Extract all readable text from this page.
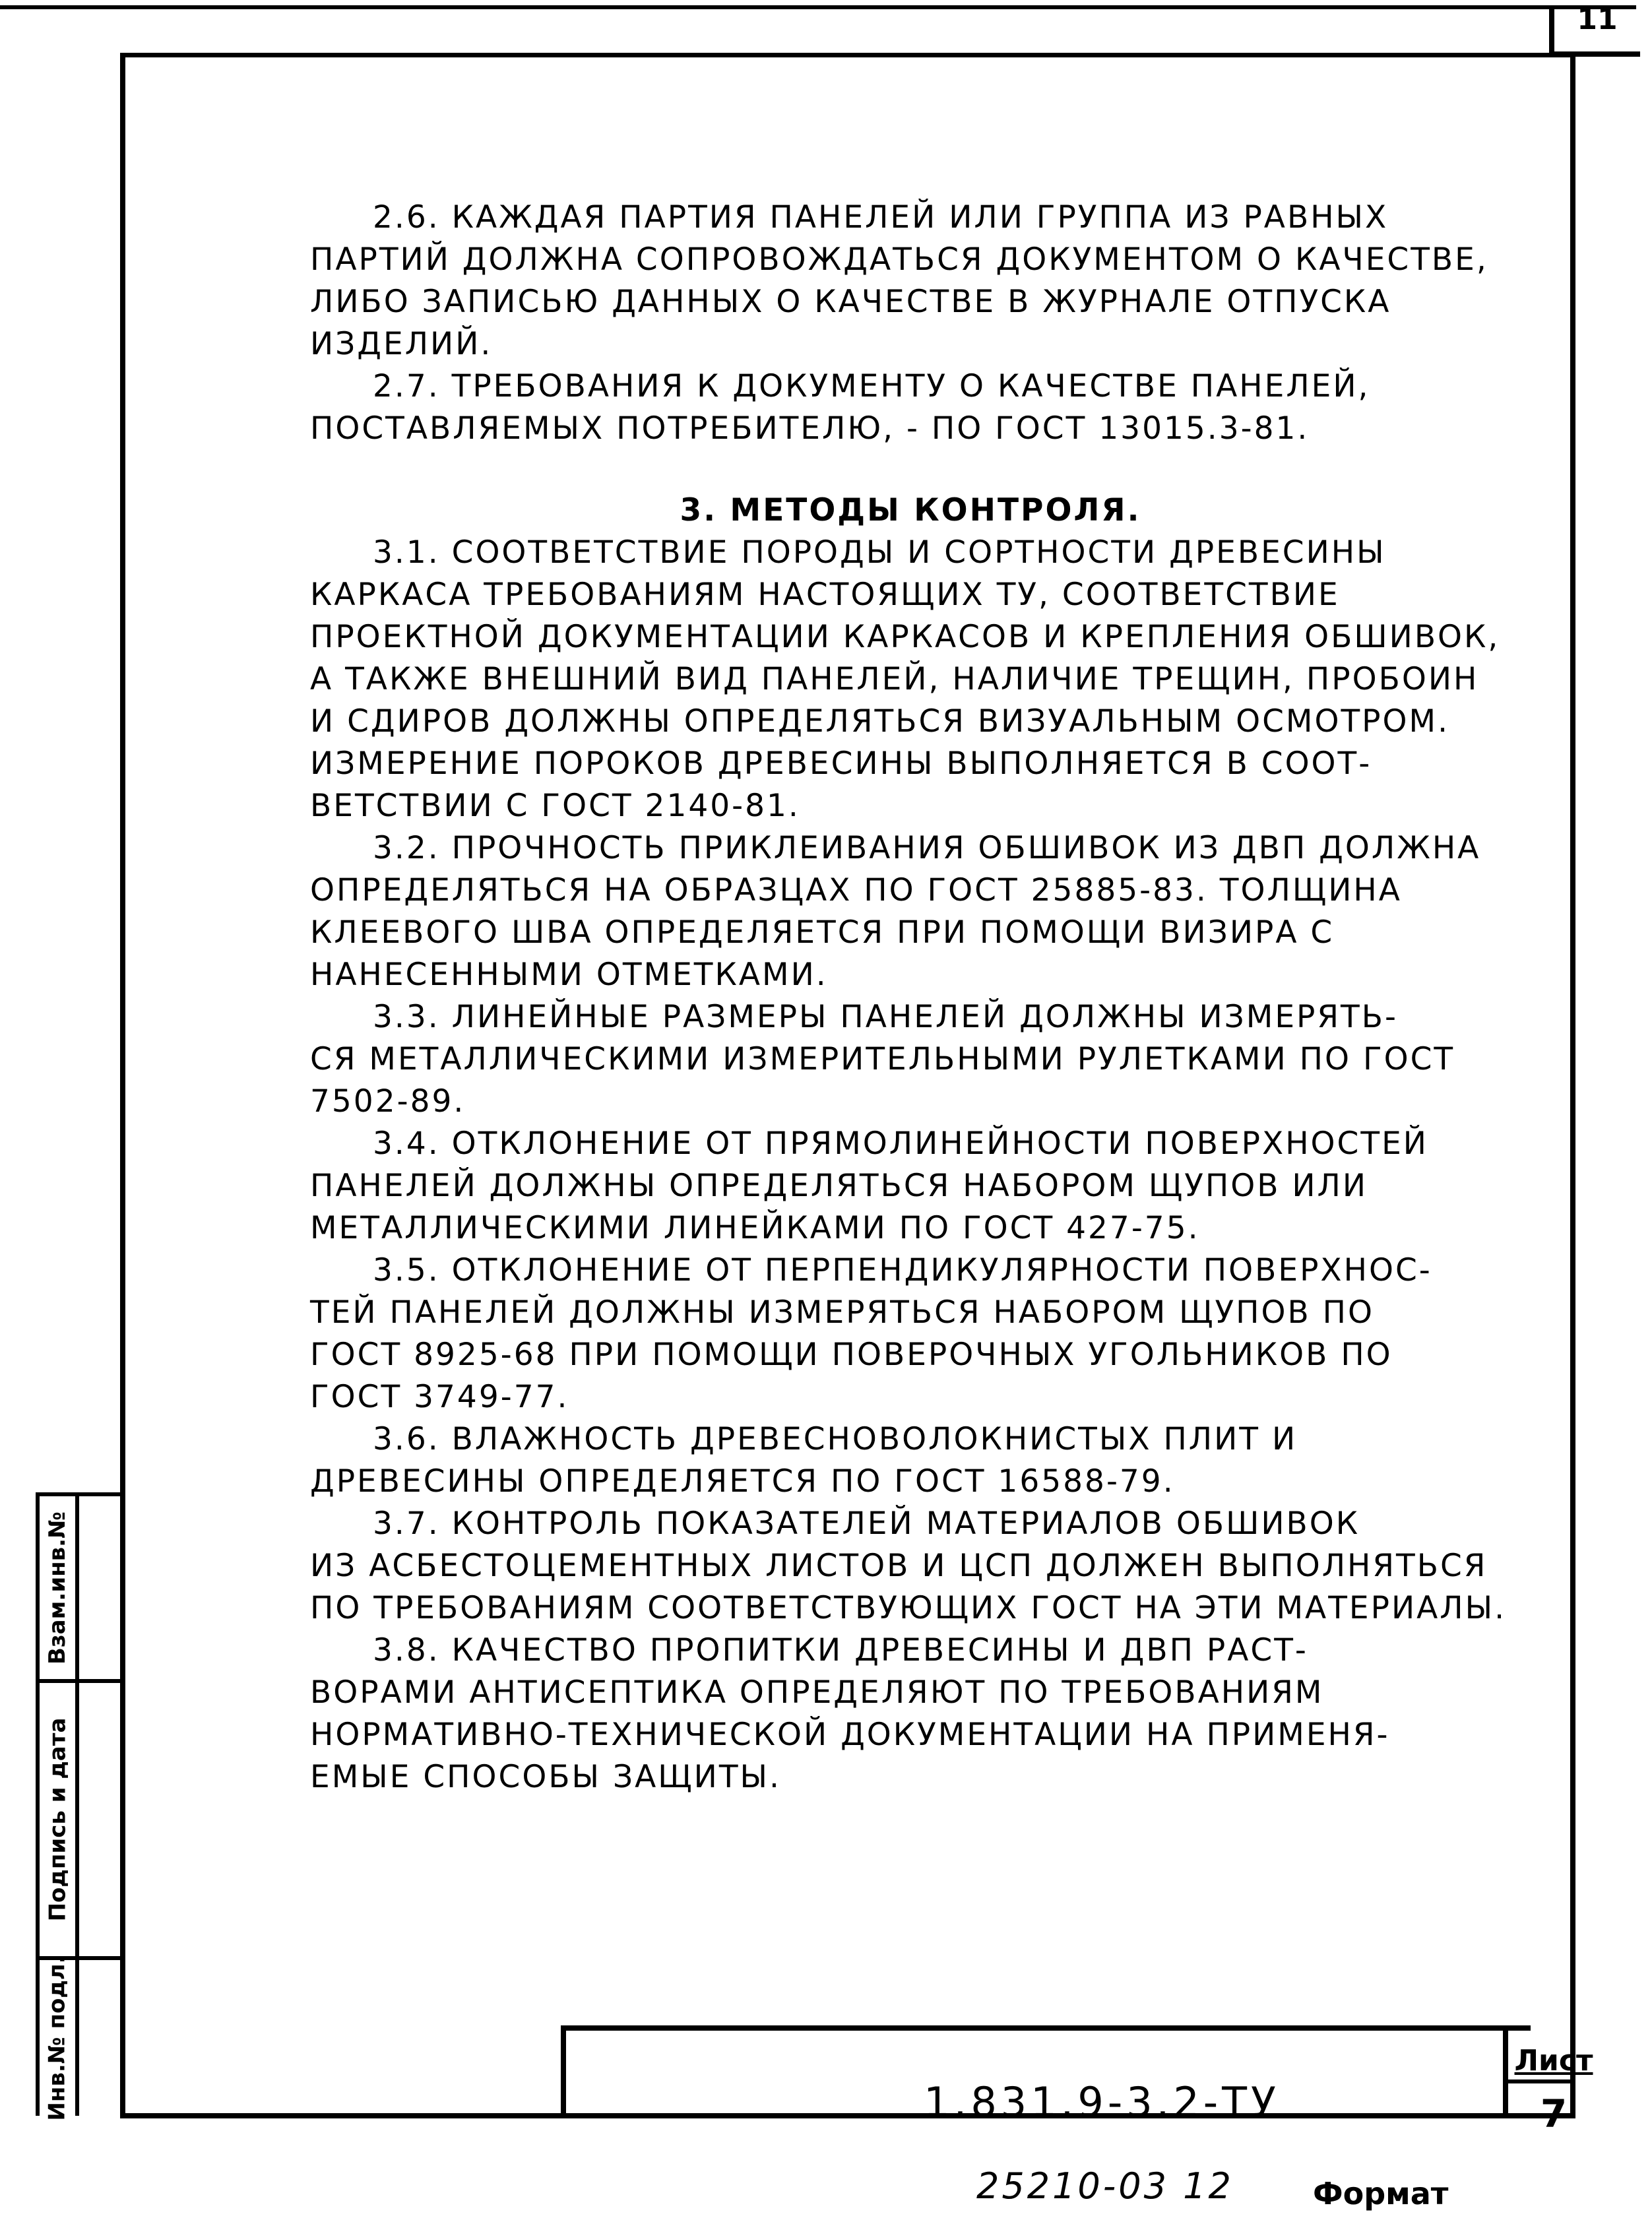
11
2.6. КАЖДАЯ ПАРТИЯ ПАНЕЛЕЙ ИЛИ ГРУППА ИЗ РАВНЫХ
ПАРТИЙ ДОЛЖНА СОПРОВОЖДАТЬСЯ ДОКУМЕНТОМ О КАЧЕСТВЕ,
ЛИБО ЗАПИСЬЮ ДАННЫХ О КАЧЕСТВЕ В ЖУРНАЛЕ ОТПУСКА
ИЗДЕЛИЙ.
2.7. ТРЕБОВАНИЯ К ДОКУМЕНТУ О КАЧЕСТВЕ ПАНЕЛЕЙ,
ПОСТАВЛЯЕМЫХ ПОТРЕБИТЕЛЮ, - ПО ГОСТ 13015.3-81.
3. МЕТОДЫ КОНТРОЛЯ.
3.1. СООТВЕТСТВИЕ ПОРОДЫ И СОРТНОСТИ ДРЕВЕСИНЫ
КАРКАСА ТРЕБОВАНИЯМ НАСТОЯЩИХ ТУ, СООТВЕТСТВИЕ
ПРОЕКТНОЙ ДОКУМЕНТАЦИИ КАРКАСОВ И КРЕПЛЕНИЯ ОБШИВОК,
А ТАКЖЕ ВНЕШНИЙ ВИД ПАНЕЛЕЙ, НАЛИЧИЕ ТРЕЩИН, ПРОБОИН
И СДИРОВ ДОЛЖНЫ ОПРЕДЕЛЯТЬСЯ ВИЗУАЛЬНЫМ ОСМОТРОМ.
ИЗМЕРЕНИЕ ПОРОКОВ ДРЕВЕСИНЫ ВЫПОЛНЯЕТСЯ В СООТ-
ВЕТСТВИИ С ГОСТ 2140-81.
3.2. ПРОЧНОСТЬ ПРИКЛЕИВАНИЯ ОБШИВОК ИЗ ДВП ДОЛЖНА
ОПРЕДЕЛЯТЬСЯ НА ОБРАЗЦАХ ПО ГОСТ 25885-83. ТОЛЩИНА
КЛЕЕВОГО ШВА ОПРЕДЕЛЯЕТСЯ ПРИ ПОМОЩИ ВИЗИРА С
НАНЕСЕННЫМИ ОТМЕТКАМИ.
3.3. ЛИНЕЙНЫЕ РАЗМЕРЫ ПАНЕЛЕЙ ДОЛЖНЫ ИЗМЕРЯТЬ-
СЯ МЕТАЛЛИЧЕСКИМИ ИЗМЕРИТЕЛЬНЫМИ РУЛЕТКАМИ ПО ГОСТ
7502-89.
3.4. ОТКЛОНЕНИЕ ОТ ПРЯМОЛИНЕЙНОСТИ ПОВЕРХНОСТЕЙ
ПАНЕЛЕЙ ДОЛЖНЫ ОПРЕДЕЛЯТЬСЯ НАБОРОМ ЩУПОВ ИЛИ
МЕТАЛЛИЧЕСКИМИ ЛИНЕЙКАМИ ПО ГОСТ 427-75.
3.5. ОТКЛОНЕНИЕ ОТ ПЕРПЕНДИКУЛЯРНОСТИ ПОВЕРХНОС-
ТЕЙ ПАНЕЛЕЙ ДОЛЖНЫ ИЗМЕРЯТЬСЯ НАБОРОМ ЩУПОВ ПО
ГОСТ 8925-68 ПРИ ПОМОЩИ ПОВЕРОЧНЫХ УГОЛЬНИКОВ ПО
ГОСТ 3749-77.
3.6. ВЛАЖНОСТЬ ДРЕВЕСНОВОЛОКНИСТЫХ ПЛИТ И
ДРЕВЕСИНЫ ОПРЕДЕЛЯЕТСЯ ПО ГОСТ 16588-79.
3.7. КОНТРОЛЬ ПОКАЗАТЕЛЕЙ МАТЕРИАЛОВ ОБШИВОК
ИЗ АСБЕСТОЦЕМЕНТНЫХ ЛИСТОВ И ЦСП ДОЛЖЕН ВЫПОЛНЯТЬСЯ
ПО ТРЕБОВАНИЯМ СООТВЕТСТВУЮЩИХ ГОСТ НА ЭТИ МАТЕРИАЛЫ.
3.8. КАЧЕСТВО ПРОПИТКИ ДРЕВЕСИНЫ И ДВП РАСТ-
ВОРАМИ АНТИСЕПТИКА ОПРЕДЕЛЯЮТ ПО ТРЕБОВАНИЯМ
НОРМАТИВНО-ТЕХНИЧЕСКОЙ ДОКУМЕНТАЦИИ НА ПРИМЕНЯ-
ЕМЫЕ СПОСОБЫ ЗАЩИТЫ.
Взам.инв.№
Подпись и дата
Инв.№ подл.	1.831.9-3.2-ТУ
Лист
7
25210-03 12	Формат
